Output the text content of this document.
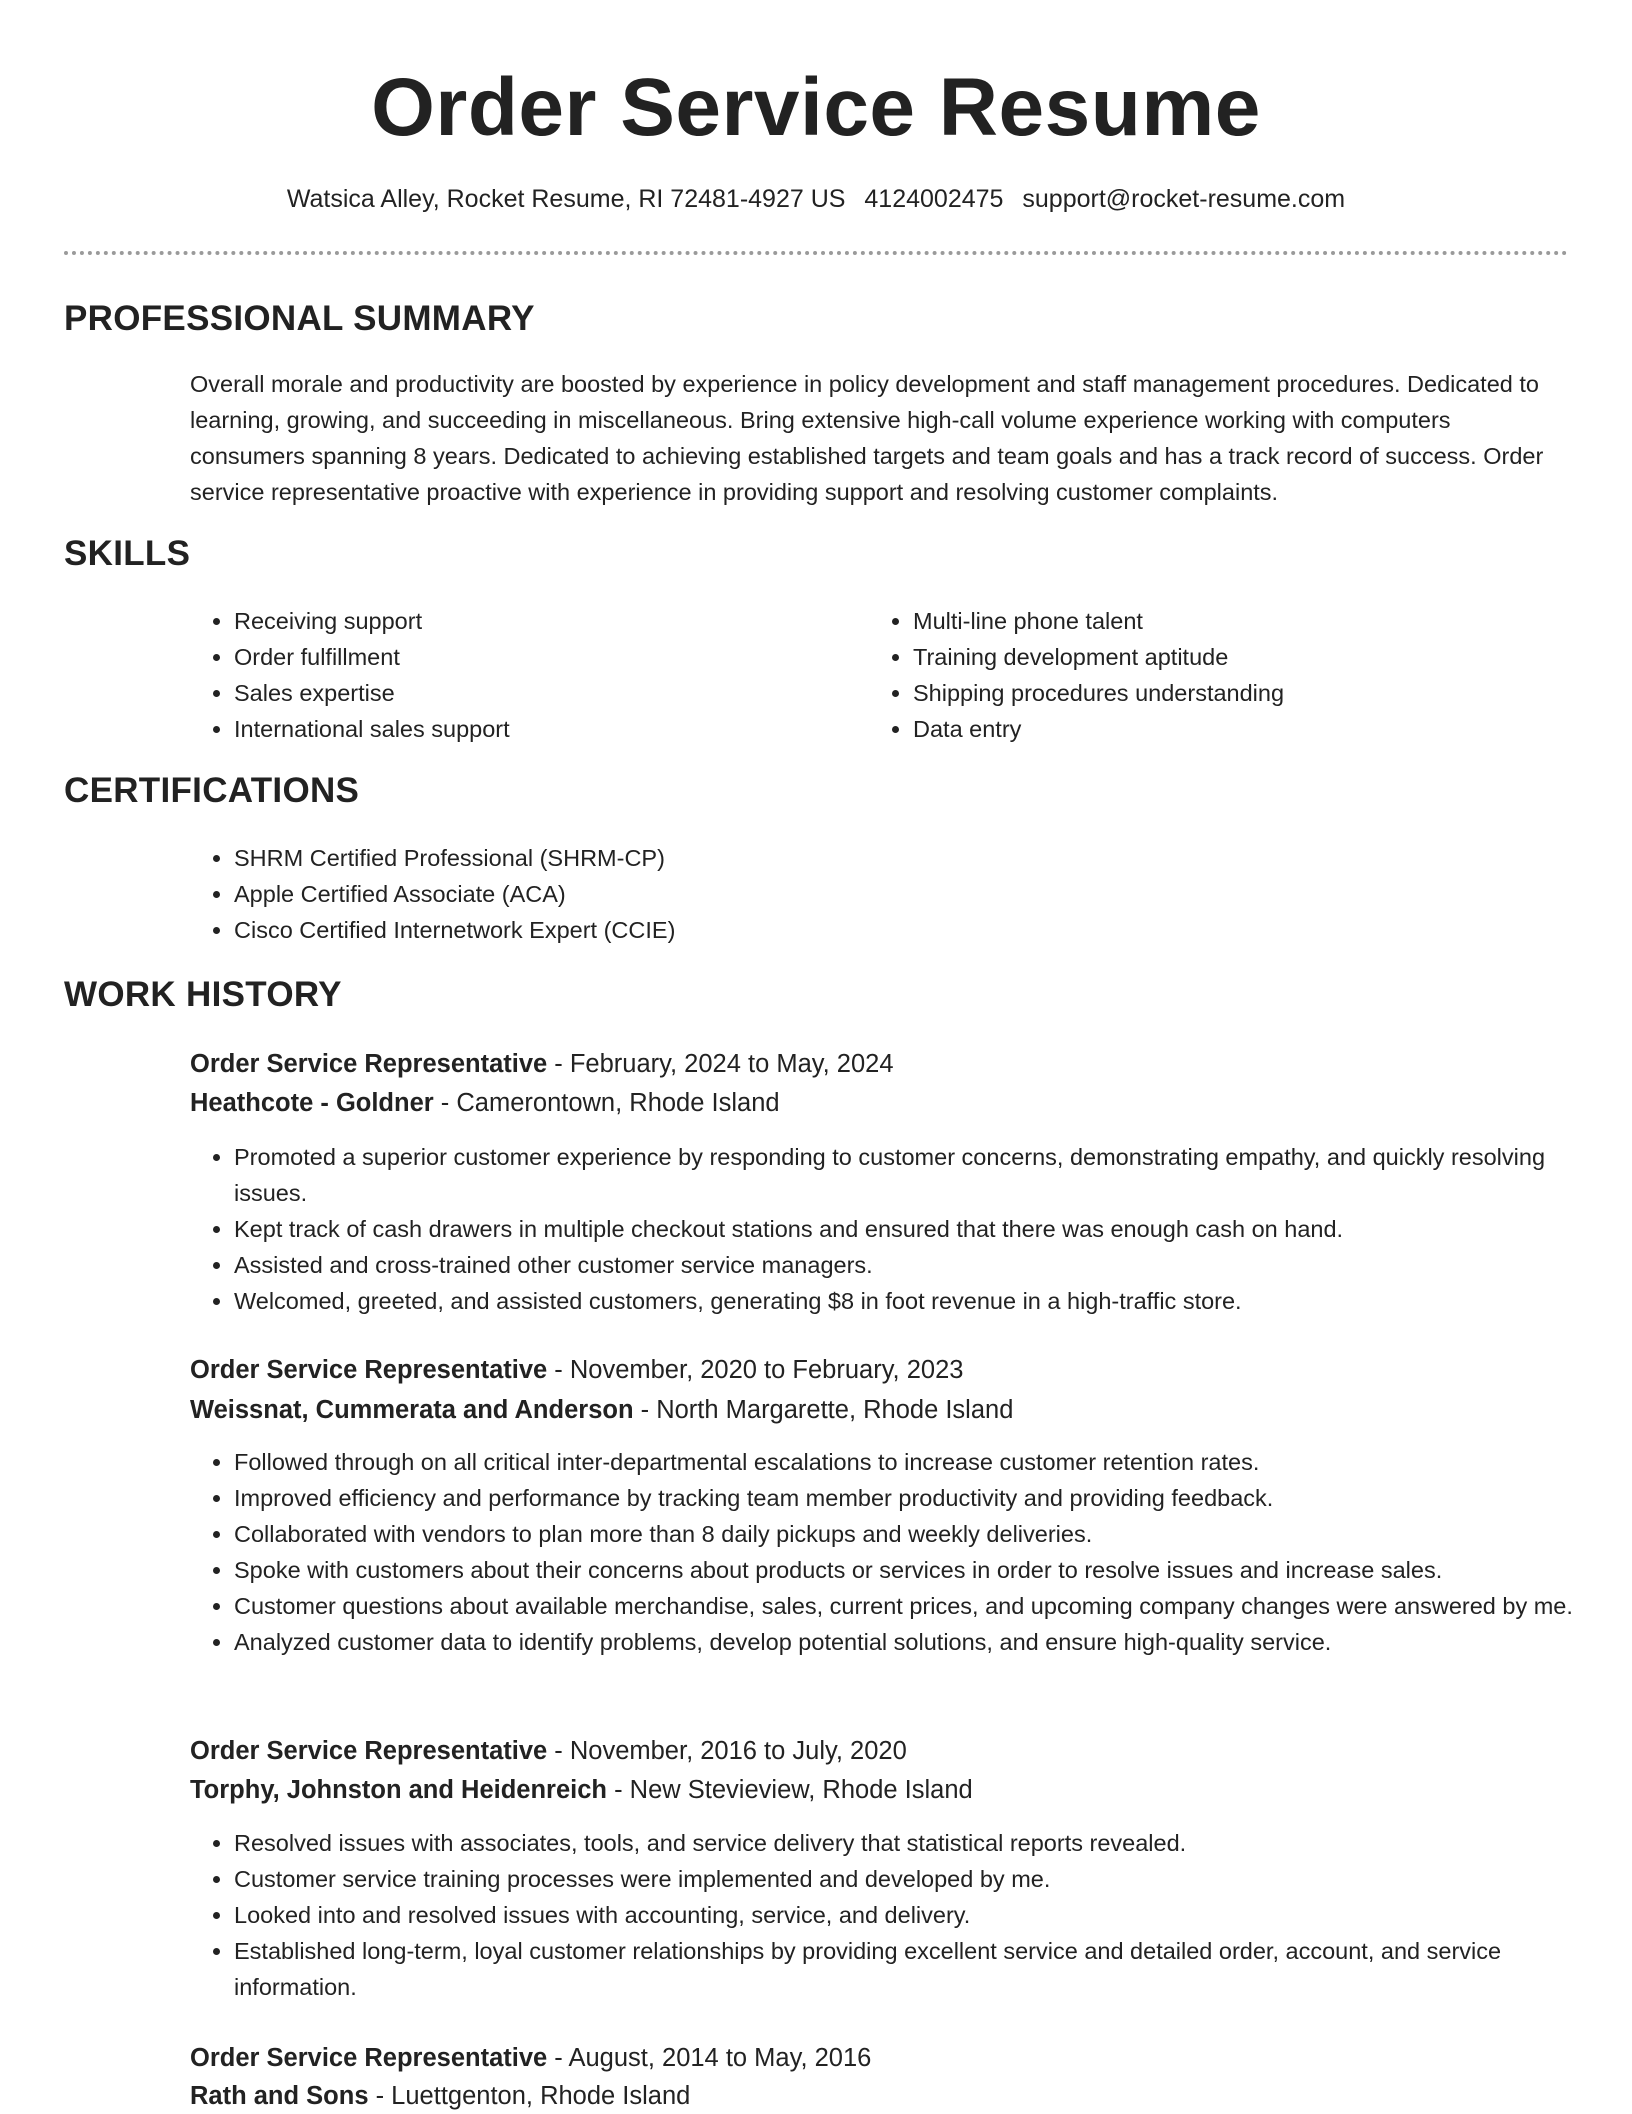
Order Service Resume
Watsica Alley, Rocket Resume, RI 72481-4927 US 4124002475 support@rocket-resume.com
PROFESSIONAL SUMMARY

Overall morale and productivity are boosted by experience in policy development and staff management procedures. Dedicated to learning, growing, and succeeding in miscellaneous. Bring extensive high-call volume experience working with computers consumers spanning 8 years. Dedicated to achieving established targets and team goals and has a track record of success. Order service representative proactive with experience in providing support and resolving customer complaints.

SKILLS
• Receiving support
• Order fulfillment
• Sales expertise
• International sales support
• Multi-line phone talent
• Training development aptitude
• Shipping procedures understanding
• Data entry
CERTIFICATIONS
• SHRM Certified Professional (SHRM-CP)
• Apple Certified Associate (ACA)
• Cisco Certified Internetwork Expert (CCIE)
WORK HISTORY
Order Service Representative - February, 2024 to May, 2024
Heathcote - Goldner - Camerontown, Rhode Island
• Promoted a superior customer experience by responding to customer concerns, demonstrating empathy, and quickly resolving issues.
• Kept track of cash drawers in multiple checkout stations and ensured that there was enough cash on hand.
• Assisted and cross-trained other customer service managers.
• Welcomed, greeted, and assisted customers, generating $8 in foot revenue in a high-traffic store.
Order Service Representative - November, 2020 to February, 2023
Weissnat, Cummerata and Anderson - North Margarette, Rhode Island
• Followed through on all critical inter-departmental escalations to increase customer retention rates.
• Improved efficiency and performance by tracking team member productivity and providing feedback.
• Collaborated with vendors to plan more than 8 daily pickups and weekly deliveries.
• Spoke with customers about their concerns about products or services in order to resolve issues and increase sales.
• Customer questions about available merchandise, sales, current prices, and upcoming company changes were answered by me.
• Analyzed customer data to identify problems, develop potential solutions, and ensure high-quality service.
Order Service Representative - November, 2016 to July, 2020
Torphy, Johnston and Heidenreich - New Stevieview, Rhode Island
• Resolved issues with associates, tools, and service delivery that statistical reports revealed.
• Customer service training processes were implemented and developed by me.
• Looked into and resolved issues with accounting, service, and delivery.
• Established long-term, loyal customer relationships by providing excellent service and detailed order, account, and service information.
Order Service Representative - August, 2014 to May, 2016
Rath and Sons - Luettgenton, Rhode Island
